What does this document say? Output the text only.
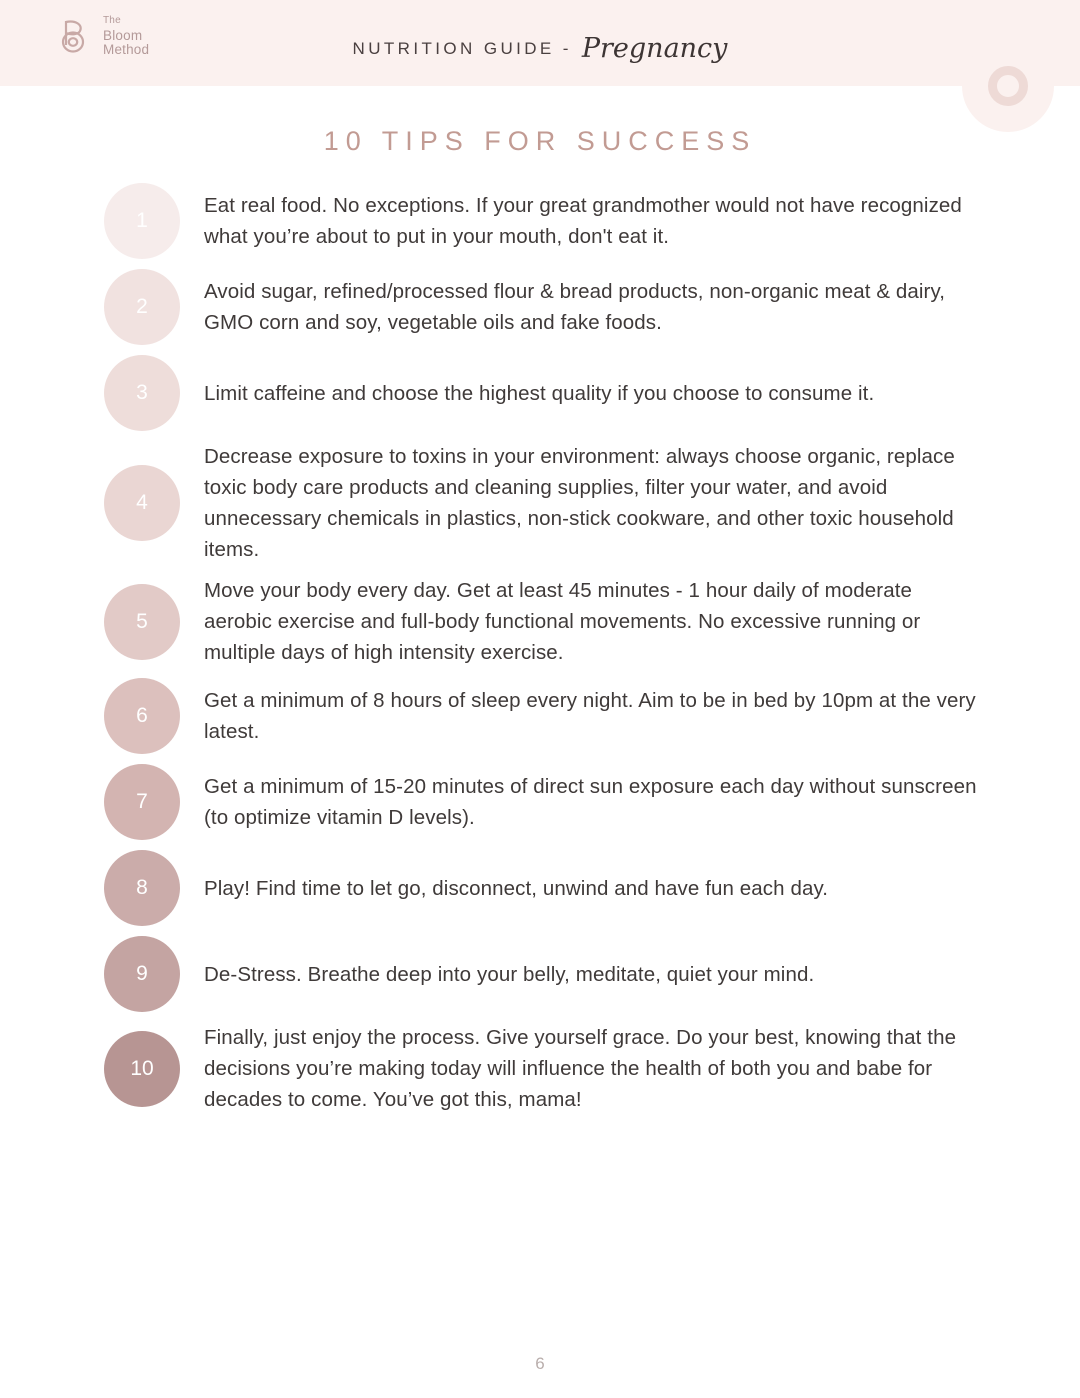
The
Bloom
Method	NUTRITION GUIDE - Pregnancy
10 TIPS FOR SUCCESS
1
Eat real food. No exceptions. If your great grandmother would not have recognized what you’re about to put in your mouth, don't eat it.
2
Avoid sugar, refined/processed flour & bread products, non-organic meat & dairy, GMO corn and soy, vegetable oils and fake foods.
3	Limit caffeine and choose the highest quality if you choose to consume it.
4
Decrease exposure to toxins in your environment: always choose organic, replace toxic body care products and cleaning supplies, filter your water, and avoid unnecessary chemicals in plastics, non-stick cookware, and other toxic household items.
5
Move your body every day. Get at least 45 minutes - 1 hour daily of moderate aerobic exercise and full-body functional movements. No excessive running or multiple days of high intensity exercise.
6
Get a minimum of 8 hours of sleep every night. Aim to be in bed by 10pm at the very latest.
7
Get a minimum of 15-20 minutes of direct sun exposure each day without sunscreen (to optimize vitamin D levels).
8	Play! Find time to let go, disconnect, unwind and have fun each day.
9	De-Stress. Breathe deep into your belly, meditate, quiet your mind.
10
Finally, just enjoy the process. Give yourself grace. Do your best, knowing that the decisions you’re making today will influence the health of both you and babe for decades to come. You’ve got this, mama!
6
